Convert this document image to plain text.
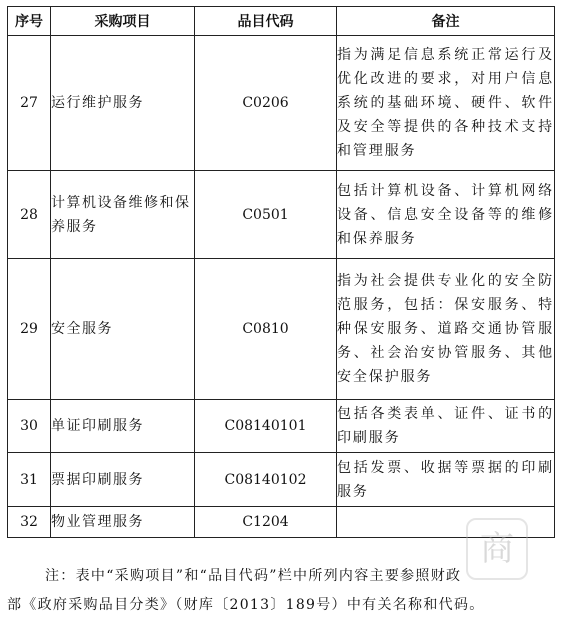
序号	采购项目	品目代码	备注
27	运行维护服务	C0206	指为满足信息系统正常运行及优化改进的要求，对用户信息系统的基础环境、硬件、软件及安全等提供的各种技术支持和管理服务
28	计算机设备维修和保养服务	C0501	包括计算机设备、计算机网络设备、信息安全设备等的维修和保养服务
29	安全服务	C0810	指为社会提供专业化的安全防范服务，包括：保安服务、特种保安服务、道路交通协管服务、社会治安协管服务、其他安全保护服务
30	单证印刷服务	C08140101	包括各类表单、证件、证书的印刷服务
31	票据印刷服务	C08140102	包括发票、收据等票据的印刷服务
32	物业管理服务	C1204	
注：表中“采购项目”和“品目代码”栏中所列内容主要参照财政
部《政府采购品目分类》（财库〔2013〕189号）中有关名称和代码。
商
